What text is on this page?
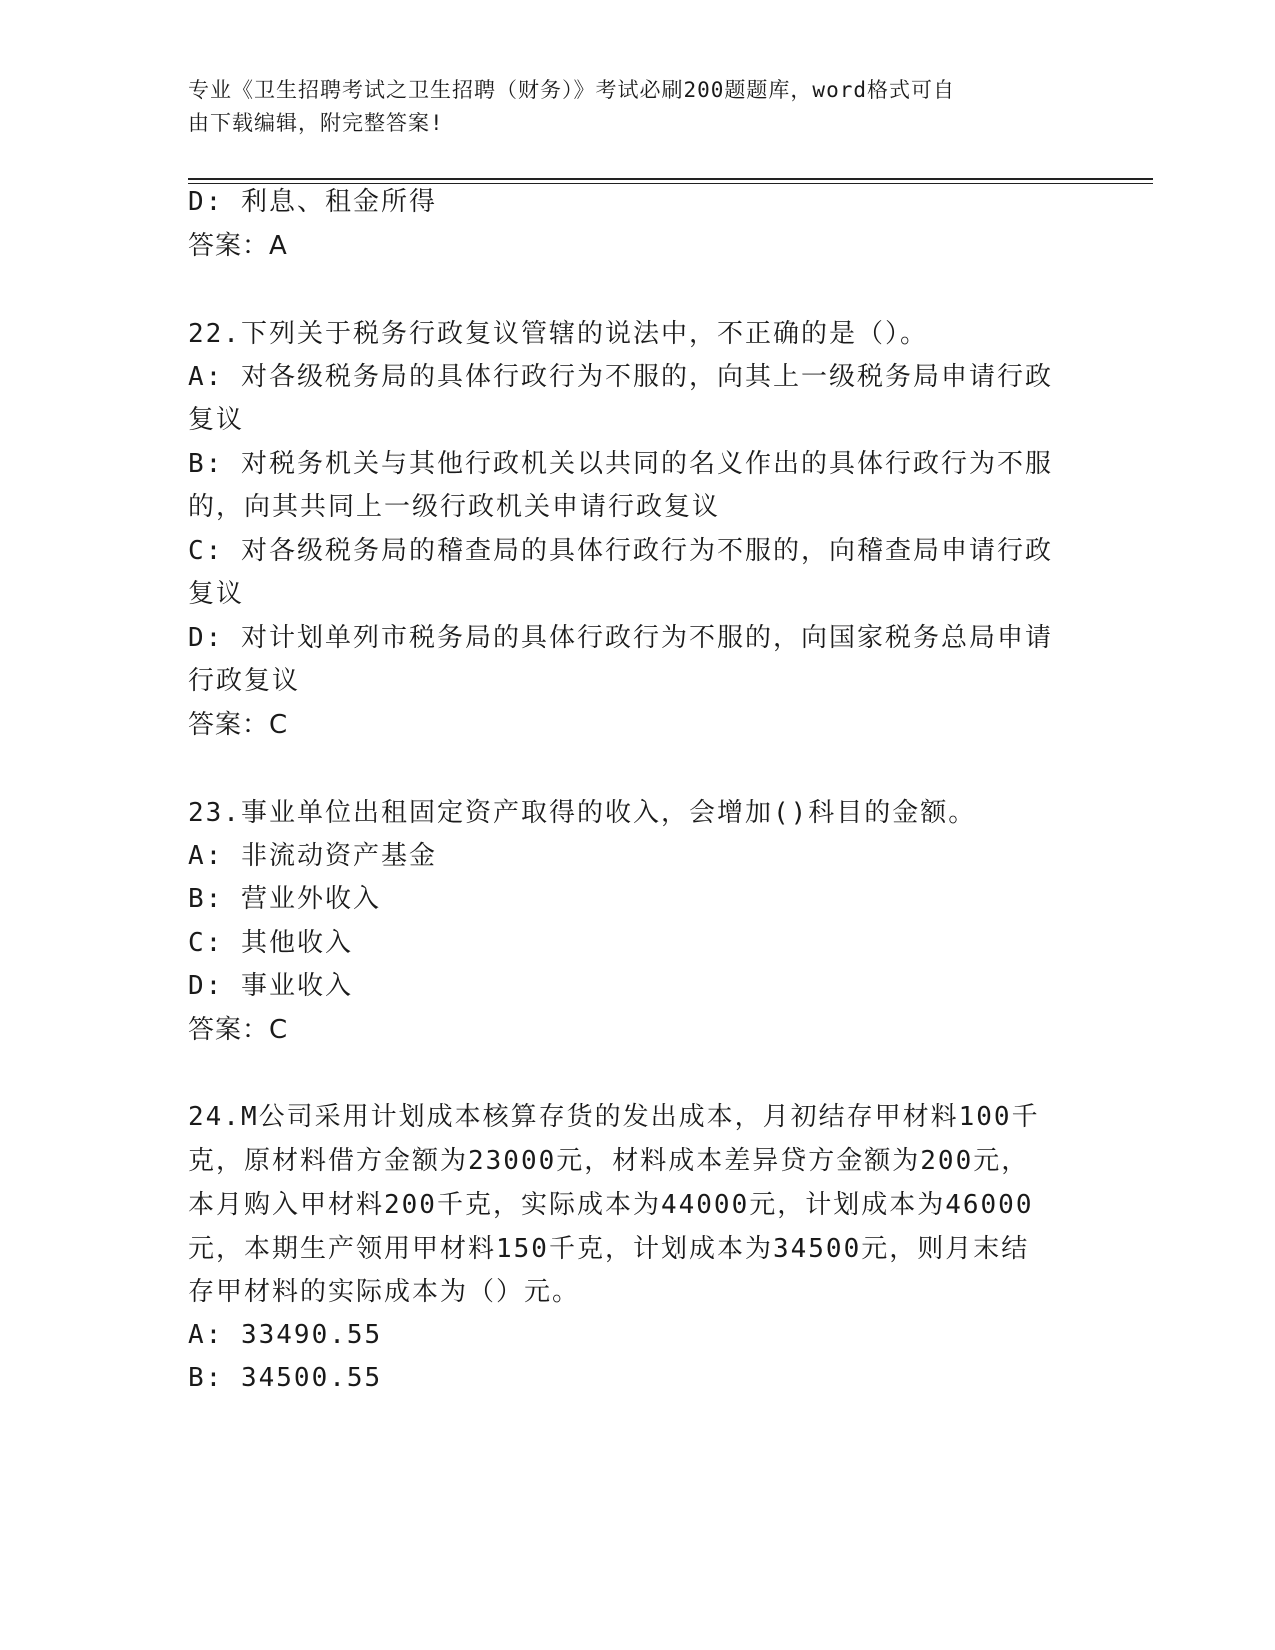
专业《卫生招聘考试之卫生招聘（财务）》考试必刷200题题库，word格式可自
由下载编辑，附完整答案!
D: 利息、租金所得
答案：A
22.下列关于税务行政复议管辖的说法中，不正确的是（）。
A: 对各级税务局的具体行政行为不服的，向其上一级税务局申请行政
复议
B: 对税务机关与其他行政机关以共同的名义作出的具体行政行为不服
的，向其共同上一级行政机关申请行政复议
C: 对各级税务局的稽查局的具体行政行为不服的，向稽查局申请行政
复议
D: 对计划单列市税务局的具体行政行为不服的，向国家税务总局申请
行政复议
答案：C
23.事业单位出租固定资产取得的收入，会增加()科目的金额。
A: 非流动资产基金
B: 营业外收入
C: 其他收入
D: 事业收入
答案：C
24.M公司采用计划成本核算存货的发出成本，月初结存甲材料100千
克，原材料借方金额为23000元，材料成本差异贷方金额为200元，
本月购入甲材料200千克，实际成本为44000元，计划成本为46000
元，本期生产领用甲材料150千克，计划成本为34500元，则月末结
存甲材料的实际成本为（）元。
A: 33490.55
B: 34500.55
